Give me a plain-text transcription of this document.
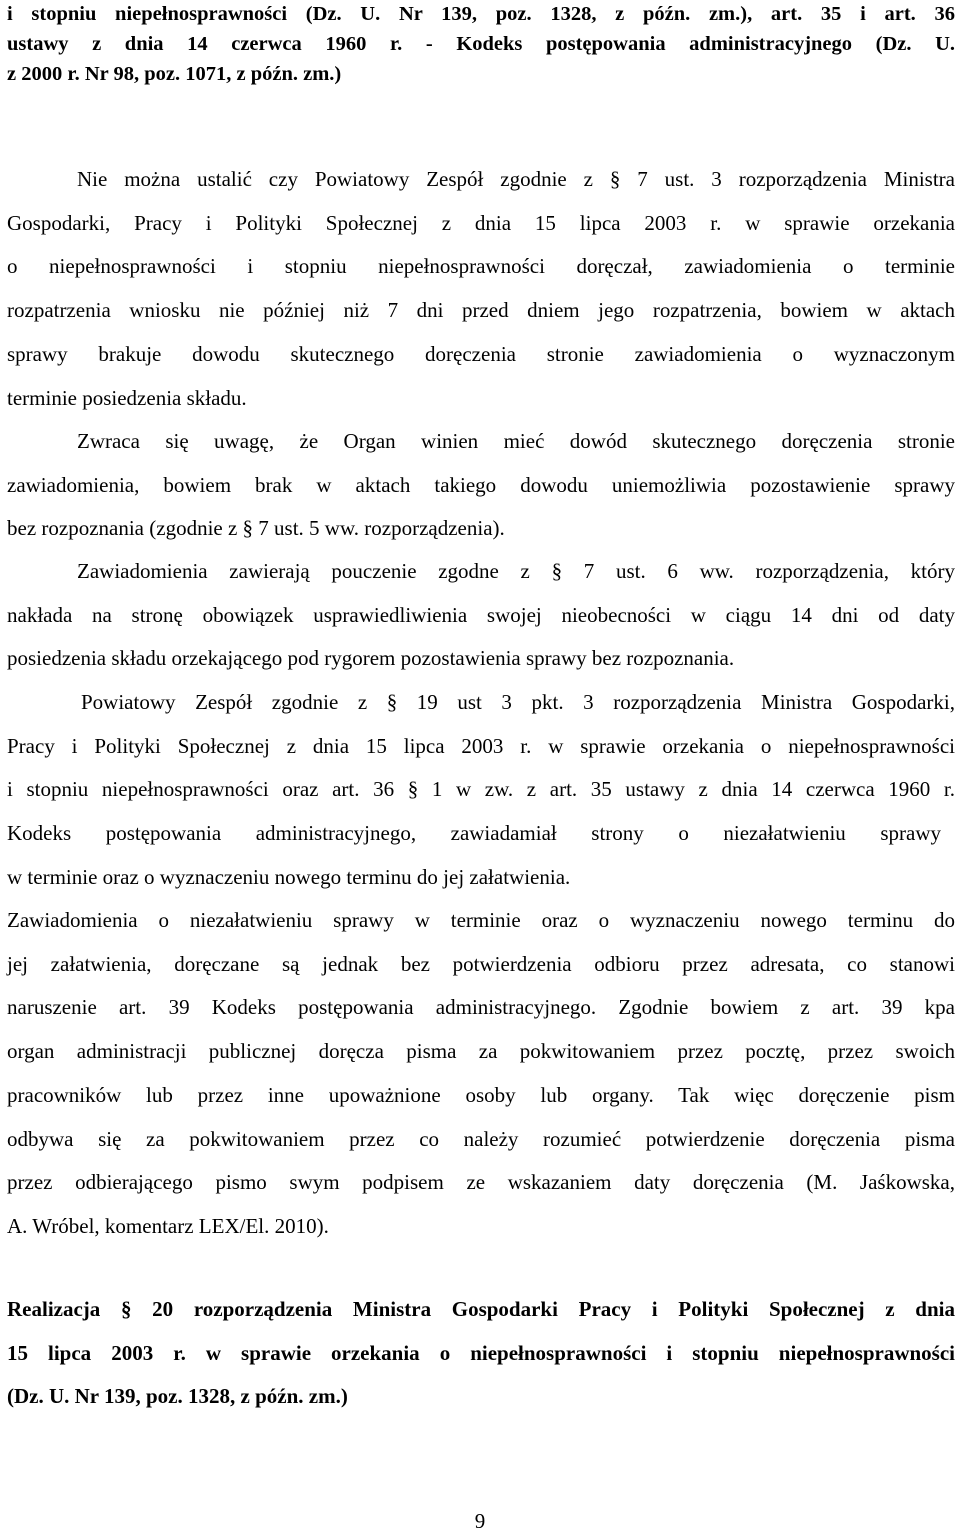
i stopniu niepełnosprawności (Dz. U. Nr 139, poz. 1328, z późn. zm.), art. 35 i art. 36
ustawy z dnia 14 czerwca 1960 r. - Kodeks postępowania administracyjnego (Dz. U.
z 2000 r. Nr 98, poz. 1071, z późn. zm.)
Nie można ustalić czy Powiatowy Zespół zgodnie z § 7 ust. 3 rozporządzenia Ministra
Gospodarki, Pracy i Polityki Społecznej z dnia 15 lipca 2003 r. w sprawie orzekania
o niepełnosprawności i stopniu niepełnosprawności doręczał, zawiadomienia o terminie
rozpatrzenia wniosku nie później niż 7 dni przed dniem jego rozpatrzenia, bowiem w aktach
sprawy brakuje dowodu skutecznego doręczenia stronie zawiadomienia o wyznaczonym
terminie posiedzenia składu.
Zwraca się uwagę, że Organ winien mieć dowód skutecznego doręczenia stronie
zawiadomienia, bowiem brak w aktach takiego dowodu uniemożliwia pozostawienie sprawy
bez rozpoznania (zgodnie z § 7 ust. 5 ww. rozporządzenia).
Zawiadomienia zawierają pouczenie zgodne z § 7 ust. 6 ww. rozporządzenia, który
nakłada na stronę obowiązek usprawiedliwienia swojej nieobecności w ciągu 14 dni od daty
posiedzenia składu orzekającego pod rygorem pozostawienia sprawy bez rozpoznania.
Powiatowy Zespół zgodnie z § 19 ust 3 pkt. 3 rozporządzenia Ministra Gospodarki,
Pracy i Polityki Społecznej z dnia 15 lipca 2003 r. w sprawie orzekania o niepełnosprawności
i stopniu niepełnosprawności oraz art. 36 § 1 w zw. z art. 35 ustawy z dnia 14 czerwca 1960 r.
Kodeks postępowania administracyjnego, zawiadamiał strony o niezałatwieniu sprawy
w terminie oraz o wyznaczeniu nowego terminu do jej załatwienia.
Zawiadomienia o niezałatwieniu sprawy w terminie oraz o wyznaczeniu nowego terminu do
jej załatwienia, doręczane są jednak bez potwierdzenia odbioru przez adresata, co stanowi
naruszenie art. 39 Kodeks postępowania administracyjnego. Zgodnie bowiem z art. 39 kpa
organ administracji publicznej doręcza pisma za pokwitowaniem przez pocztę, przez swoich
pracowników lub przez inne upoważnione osoby lub organy. Tak więc doręczenie pism
odbywa się za pokwitowaniem przez co należy rozumieć potwierdzenie doręczenia pisma
przez odbierającego pismo swym podpisem ze wskazaniem daty doręczenia (M. Jaśkowska,
A. Wróbel, komentarz LEX/El. 2010).
Realizacja § 20 rozporządzenia Ministra Gospodarki Pracy i Polityki Społecznej z dnia
15 lipca 2003 r. w sprawie orzekania o niepełnosprawności i stopniu niepełnosprawności
(Dz. U. Nr 139, poz. 1328, z późn. zm.)
9
